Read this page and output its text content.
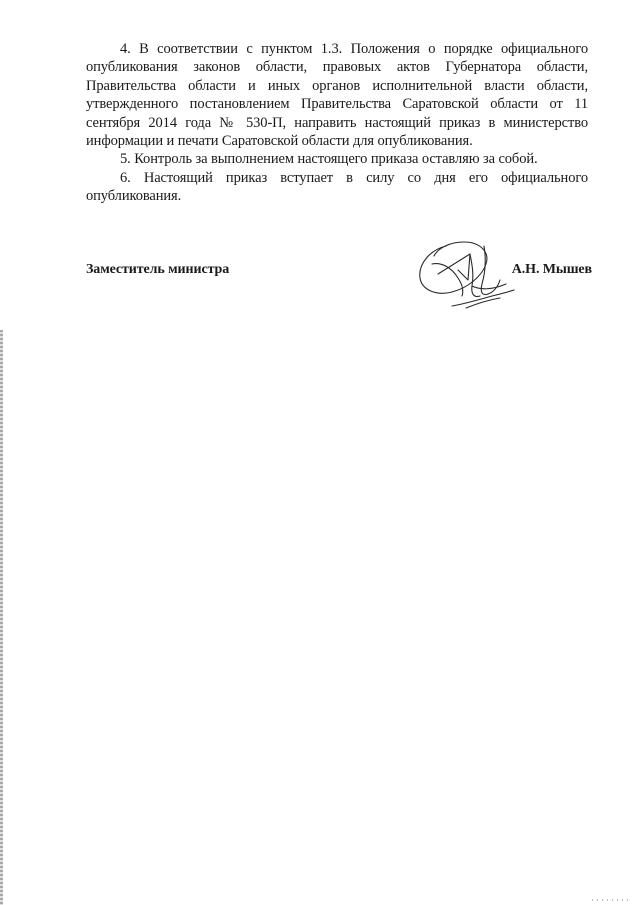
4. В соответствии с пунктом 1.3. Положения о порядке официального опубликования законов области, правовых актов Губернатора области, Правительства области и иных органов исполнительной власти области, утвержденного постановлением Правительства Саратовской области от 11 сентября 2014 года № 530-П, направить настоящий приказ в министерство информации и печати Саратовской области для опубликования.

5. Контроль за выполнением настоящего приказа оставляю за собой.

6. Настоящий приказ вступает в силу со дня его официального опубликования.

Заместитель министра	А.Н. Мышев
